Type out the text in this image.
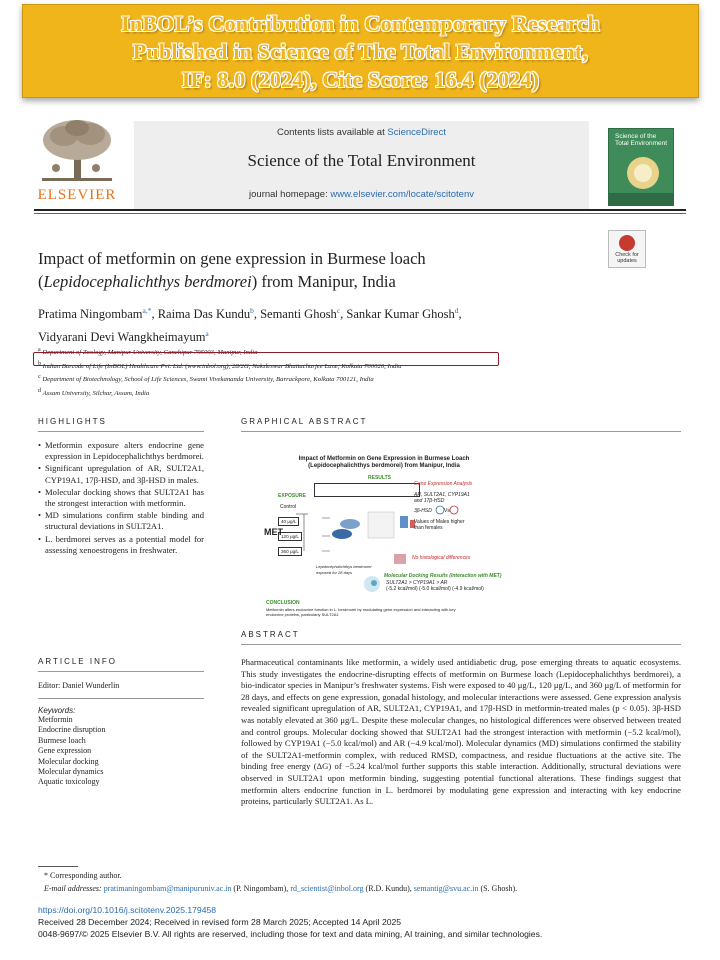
InBOL’s Contribution in Contemporary Research
Published in Science of The Total Environment,
IF: 8.0 (2024), Cite Score: 16.4 (2024)
ELSEVIER
Contents lists available at ScienceDirect
Science of the Total Environment
journal homepage: www.elsevier.com/locate/scitotenv
Science of the
Total Environment
Check for
updates
Impact of metformin on gene expression in Burmese loach
(Lepidocephalichthys berdmorei) from Manipur, India
Pratima Ningombam$^{a,*}$, Raima Das Kundu$^b$, Semanti Ghosh$^c$, Sankar Kumar Ghosh$^d$,
Vidyarani Devi Wangkheimayum$^a$
$^a$ Department of Zoology, Manipur University, Canchipur 795003, Manipur, India
$^b$ Indian Barcode of Life (InBOL) Healthcare Pvt. Ltd. (www.inbol.org), 28/2G, Naksleswar Bhattacharjee Lane, Kolkata 700026, India
$^c$ Department of Biotechnology, School of Life Sciences, Swami Vivekananda University, Barrackpore, Kolkata 700121, India
$^d$ Assam University, Silchar, Assam, India
HIGHLIGHTS
• Metformin exposure alters endocrine gene expression in Lepidocephalichthys berdmorei.
• Significant upregulation of AR, SULT2A1, CYP19A1, 17β-HSD, and 3β-HSD in males.
• Molecular docking shows that SULT2A1 has the strongest interaction with metformin.
• MD simulations confirm stable binding and structural deviations in SULT2A1.
• L. berdmorei serves as a potential model for assessing xenoestrogens in freshwater.
GRAPHICAL ABSTRACT
Impact of Metformin on Gene Expression in Burmese Loach
(Lepidocephalichthys berdmorei) from Manipur, India
RESULTS
EXPOSURE
Control
40 μg/L
120 μg/L
360 μg/L
MET
Lepidocephalichthys berdmorei exposed for 28 days
Gene Expression Analysis
AR, SULT2A1, CYP19A1 and 17β-HSD
3β-HSD Vs
Values of Males higher than females
No histological differences
Molecular Docking Results (Interaction with MET)
SULT2A1 > CYP19A1 > AR
(-5.2 kcal/mol) (-5.0 kcal/mol) (-4.9 kcal/mol)
CONCLUSION
Metformin alters endocrine function in L. berdmorei by modulating gene expression and interacting with key endocrine proteins, particularly SULT2A1
ARTICLE INFO
Editor: Daniel Wunderlin
Keywords:
Metformin
Endocrine disruption
Burmese loach
Gene expression
Molecular docking
Molecular dynamics
Aquatic toxicology
ABSTRACT
Pharmaceutical contaminants like metformin, a widely used antidiabetic drug, pose emerging threats to aquatic ecosystems. This study investigates the endocrine-disrupting effects of metformin on Burmese loach (Lepidocephalichthys berdmorei), a bio-indicator species in Manipur’s freshwater systems. Fish were exposed to 40 μg/L, 120 μg/L, and 360 μg/L of metformin for 28 days, and effects on gene expression, gonadal histology, and molecular interactions were assessed. Gene expression analysis revealed significant upregulation of AR, SULT2A1, CYP19A1, and 17β-HSD in metformin-treated males (p < 0.05). 3β-HSD was notably elevated at 360 μg/L. Despite these molecular changes, no histological differences were observed between treated and control groups. Molecular docking showed that SULT2A1 had the strongest interaction with metformin (−5.2 kcal/mol), followed by CYP19A1 (−5.0 kcal/mol) and AR (−4.9 kcal/mol). Molecular dynamics (MD) simulations confirmed the stability of the SULT2A1-metformin complex, with reduced RMSD, compactness, and residue fluctuations at the active site. The binding free energy (ΔG) of −5.24 kcal/mol further supports this stable interaction. Additionally, structural deviations were observed in SULT2A1 upon metformin binding, suggesting potential functional alterations. These findings suggest that metformin alters endocrine function in L. berdmorei by modulating gene expression and interacting with key endocrine proteins, particularly SULT2A1. As L.
* Corresponding author.
E-mail addresses: pratimaningombam@manipuruniv.ac.in (P. Ningombam), rd_scientist@inbol.org (R.D. Kundu), semantig@svu.ac.in (S. Ghosh).
https://doi.org/10.1016/j.scitotenv.2025.179458
Received 28 December 2024; Received in revised form 28 March 2025; Accepted 14 April 2025
0048-9697/© 2025 Elsevier B.V. All rights are reserved, including those for text and data mining, AI training, and similar technologies.
